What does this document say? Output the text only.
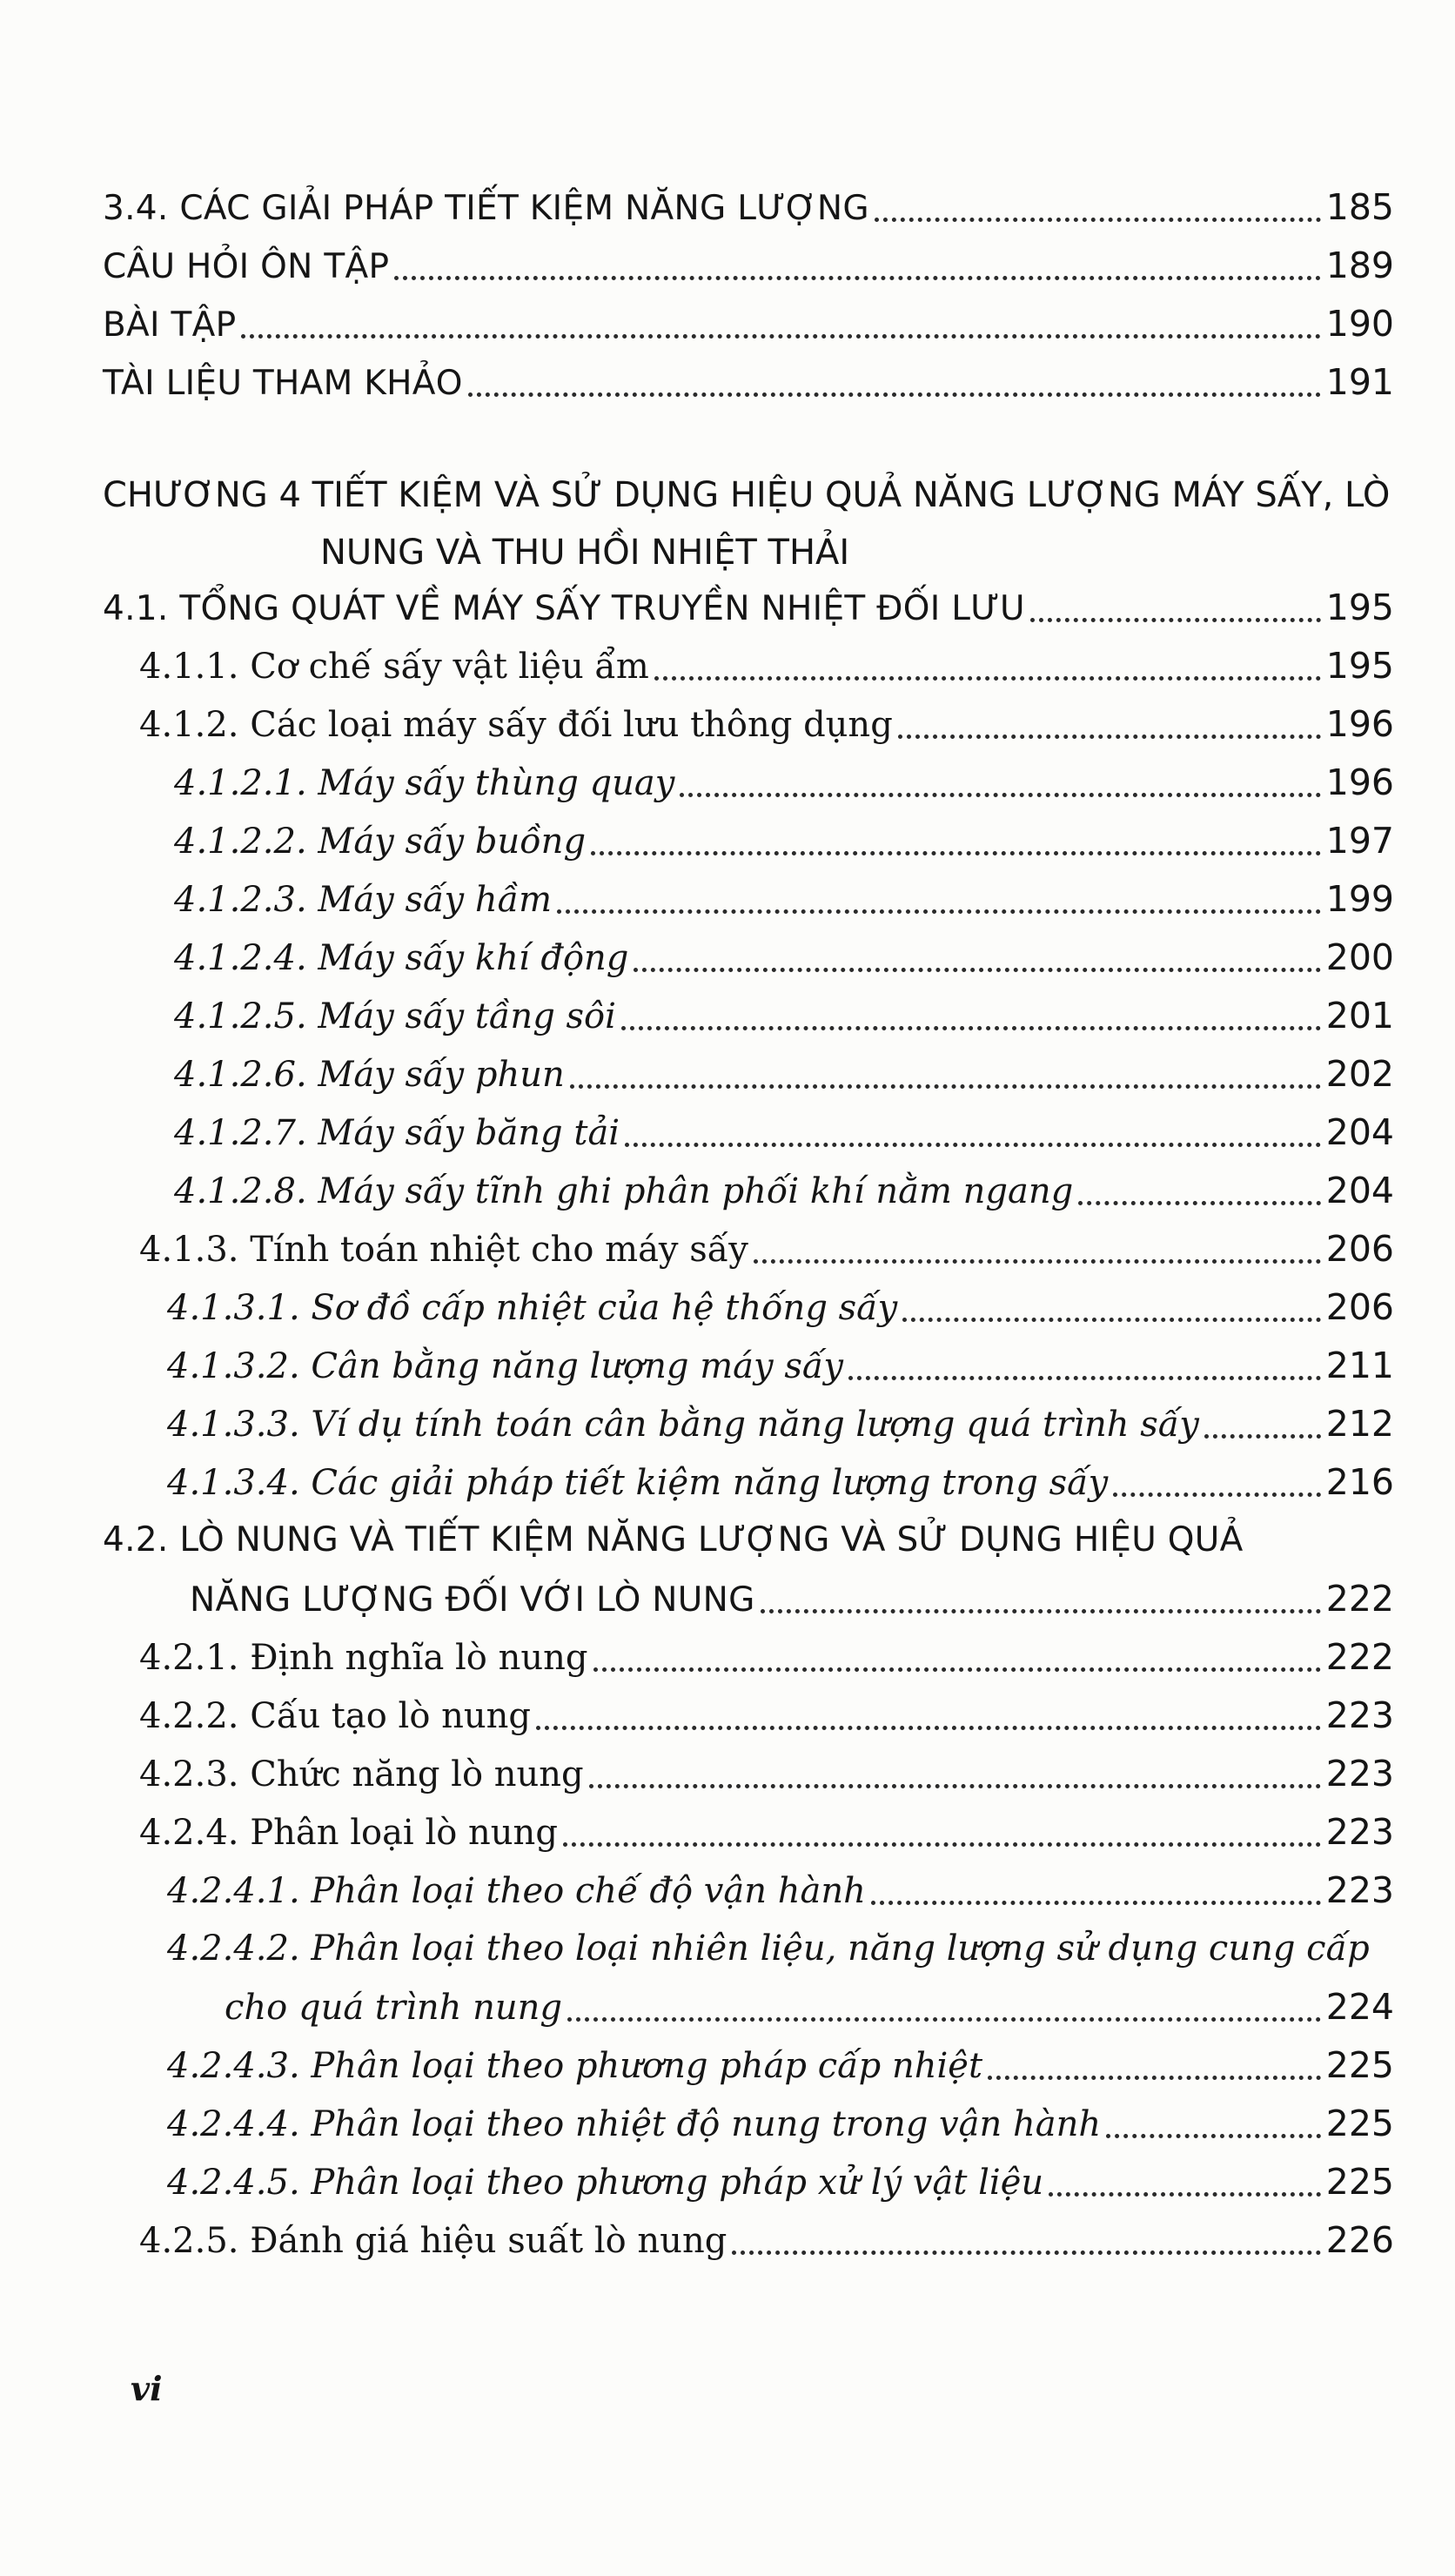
3.4. CÁC GIẢI PHÁP TIẾT KIỆM NĂNG LƯỢNG	185
CÂU HỎI ÔN TẬP	189
BÀI TẬP	190
TÀI LIỆU THAM KHẢO	191
CHƯƠNG 4 TIẾT KIỆM VÀ SỬ DỤNG HIỆU QUẢ NĂNG LƯỢNG MÁY SẤY, LÒ
NUNG VÀ THU HỒI NHIỆT THẢI
4.1. TỔNG QUÁT VỀ MÁY SẤY TRUYỀN NHIỆT ĐỐI LƯU	195
4.1.1. Cơ chế sấy vật liệu ẩm	195
4.1.2. Các loại máy sấy đối lưu thông dụng	196
4.1.2.1. Máy sấy thùng quay	196
4.1.2.2. Máy sấy buồng	197
4.1.2.3. Máy sấy hầm	199
4.1.2.4. Máy sấy khí động	200
4.1.2.5. Máy sấy tầng sôi	201
4.1.2.6. Máy sấy phun	202
4.1.2.7. Máy sấy băng tải	204
4.1.2.8. Máy sấy tĩnh ghi phân phối khí nằm ngang	204
4.1.3. Tính toán nhiệt cho máy sấy	206
4.1.3.1. Sơ đồ cấp nhiệt của hệ thống sấy	206
4.1.3.2. Cân bằng năng lượng máy sấy	211
4.1.3.3. Ví dụ tính toán cân bằng năng lượng quá trình sấy	212
4.1.3.4. Các giải pháp tiết kiệm năng lượng trong sấy	216
4.2. LÒ NUNG VÀ TIẾT KIỆM NĂNG LƯỢNG VÀ SỬ DỤNG HIỆU QUẢ
NĂNG LƯỢNG ĐỐI VỚI LÒ NUNG	222
4.2.1. Định nghĩa lò nung	222
4.2.2. Cấu tạo lò nung	223
4.2.3. Chức năng lò nung	223
4.2.4. Phân loại lò nung	223
4.2.4.1. Phân loại theo chế độ vận hành	223
4.2.4.2. Phân loại theo loại nhiên liệu, năng lượng sử dụng cung cấp
cho quá trình nung	224
4.2.4.3. Phân loại theo phương pháp cấp nhiệt	225
4.2.4.4. Phân loại theo nhiệt độ nung trong vận hành	225
4.2.4.5. Phân loại theo phương pháp xử lý vật liệu	225
4.2.5. Đánh giá hiệu suất lò nung	226
vi
